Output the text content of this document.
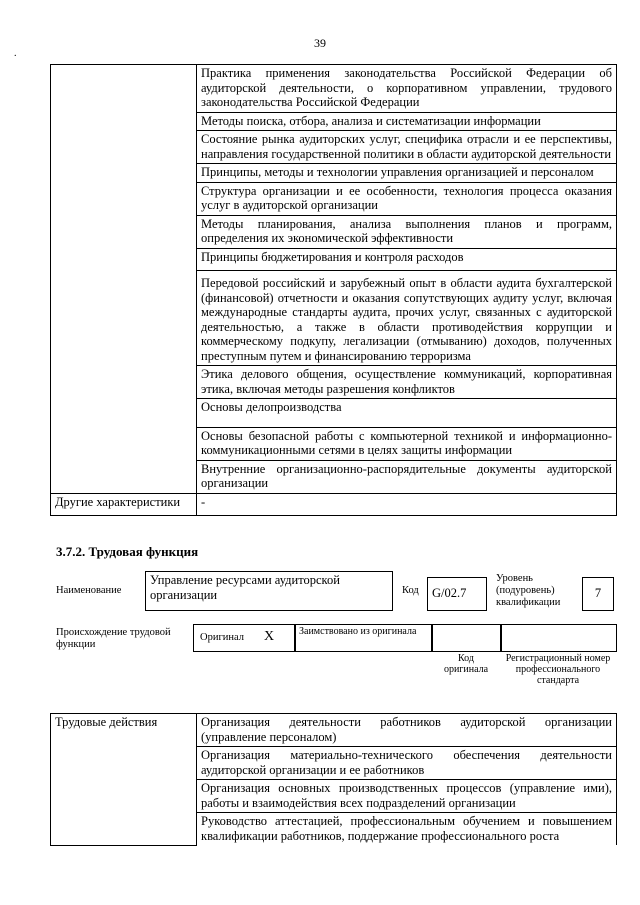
.
39
	Практика применения законодательства Российской Федерации об аудиторской деятельности, о корпоративном управлении, трудового законодательства Российской Федерации
	Методы поиска, отбора, анализа и систематизации информации
	Состояние рынка аудиторских услуг, специфика отрасли и ее перспективы, направления государственной политики в области аудиторской деятельности
	Принципы, методы и технологии управления организацией и персоналом
	Структура организации и ее особенности, технология процесса оказания услуг в аудиторской организации
	Методы планирования, анализа выполнения планов и программ, определения их экономической эффективности
	Принципы бюджетирования и контроля расходов
	Передовой российский и зарубежный опыт в области аудита бухгалтерской (финансовой) отчетности и оказания сопутствующих аудиту услуг, включая международные стандарты аудита, прочих услуг, связанных с аудиторской деятельностью, а также в области противодействия коррупции и коммерческому подкупу, легализации (отмыванию) доходов, полученных преступным путем и финансированию терроризма
	Этика делового общения, осуществление коммуникаций, корпоративная этика, включая методы разрешения конфликтов
	Основы делопроизводства
	Основы безопасной работы с компьютерной техникой и информационно-коммуникационными сетями в целях защиты информации
	Внутренние организационно-распорядительные документы аудиторской организации
Другие характеристики	-
3.7.2. Трудовая функция
Наименование
Управление ресурсами аудиторской организации	Код	G/02.7
Уровень (подуровень) квалификации
7
Происхождение трудовой функции
Оригинал X Заимствовано из оригинала
Код оригинала
Регистрационный номер профессионального стандарта
Трудовые действия	Организация деятельности работников аудиторской организации (управление персоналом)
Организация материально-технического обеспечения деятельности аудиторской организации и ее работников
Организация основных производственных процессов (управление ими), работы и взаимодействия всех подразделений организации
Руководство аттестацией, профессиональным обучением и повышением квалификации работников, поддержание профессионального роста
